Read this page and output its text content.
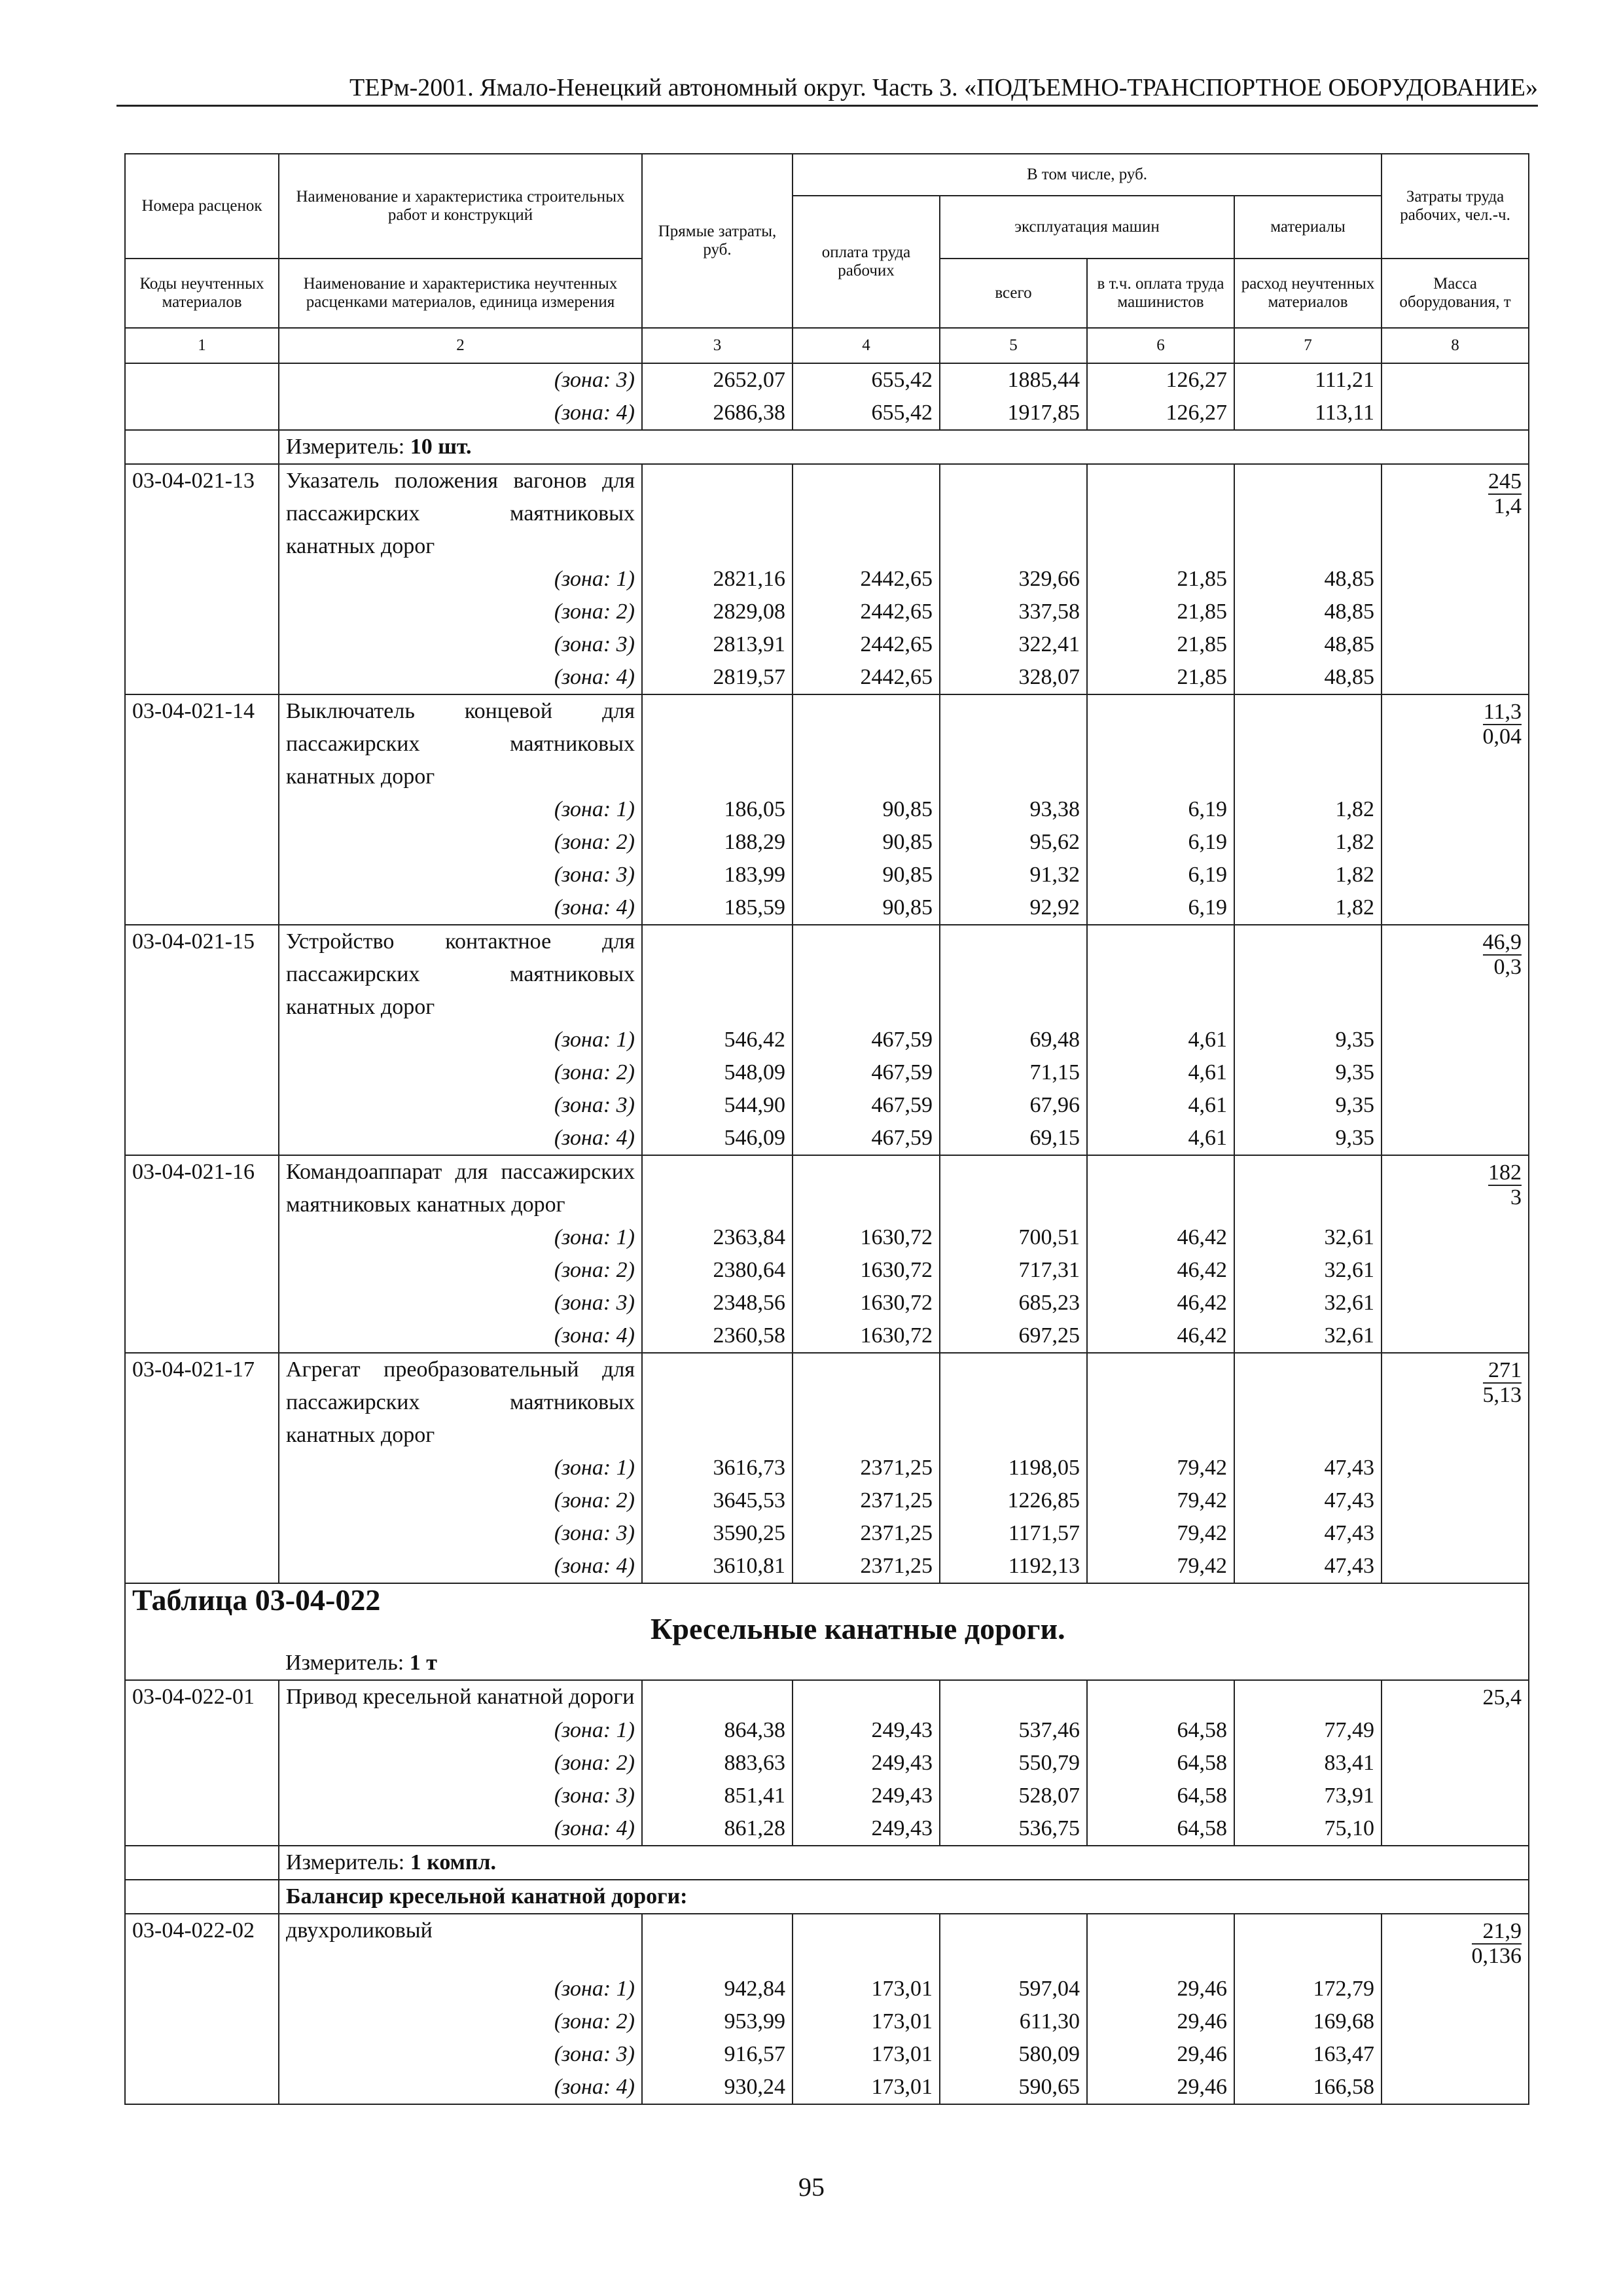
ТЕРм-2001. Ямало-Ненецкий автономный округ. Часть 3. «ПОДЪЕМНО-ТРАНСПОРТНОЕ ОБОРУДОВАНИЕ»
Номера расценок	Наименование и характеристика строительных работ и конструкций	Прямые затраты, руб.	В том числе, руб.				Затраты труда рабочих, чел.-ч.
			оплата труда рабочих	эксплуатация машин		материалы	
Коды неучтенных материалов	Наименование и характеристика неучтенных расценками материалов, единица измерения			всего	в т.ч. оплата труда машинистов	расход неучтенных материалов	Масса оборудования, т
1	2	3	4	5	6	7	8
	(зона: 3)	2652,07	655,42	1885,44	126,27	111,21	
	(зона: 4)	2686,38	655,42	1917,85	126,27	113,11	
	Измеритель: 10 шт.						
03-04-021-13	Указатель положения вагонов для пассажирских маятниковых канатных дорог						$\frac{245}{1,4}$

	(зона: 1)	2821,16	2442,65	329,66	21,85	48,85	
	(зона: 2)	2829,08	2442,65	337,58	21,85	48,85	
	(зона: 3)	2813,91	2442,65	322,41	21,85	48,85	
	(зона: 4)	2819,57	2442,65	328,07	21,85	48,85	
03-04-021-14	Выключатель концевой для пассажирских маятниковых канатных дорог						$\frac{11,3}{0,04}$

	(зона: 1)	186,05	90,85	93,38	6,19	1,82	
	(зона: 2)	188,29	90,85	95,62	6,19	1,82	
	(зона: 3)	183,99	90,85	91,32	6,19	1,82	
	(зона: 4)	185,59	90,85	92,92	6,19	1,82	
03-04-021-15	Устройство контактное для пассажирских маятниковых канатных дорог						$\frac{46,9}{0,3}$

	(зона: 1)	546,42	467,59	69,48	4,61	9,35	
	(зона: 2)	548,09	467,59	71,15	4,61	9,35	
	(зона: 3)	544,90	467,59	67,96	4,61	9,35	
	(зона: 4)	546,09	467,59	69,15	4,61	9,35	
03-04-021-16	Командоаппарат для пассажирских маятниковых канатных дорог						$\frac{182}{3}$

	(зона: 1)	2363,84	1630,72	700,51	46,42	32,61	
	(зона: 2)	2380,64	1630,72	717,31	46,42	32,61	
	(зона: 3)	2348,56	1630,72	685,23	46,42	32,61	
	(зона: 4)	2360,58	1630,72	697,25	46,42	32,61	
03-04-021-17	Агрегат преобразовательный для пассажирских маятниковых канатных дорог						$\frac{271}{5,13}$

	(зона: 1)	3616,73	2371,25	1198,05	79,42	47,43	
	(зона: 2)	3645,53	2371,25	1226,85	79,42	47,43	
	(зона: 3)	3590,25	2371,25	1171,57	79,42	47,43	
	(зона: 4)	3610,81	2371,25	1192,13	79,42	47,43	
Таблица 03-04-022
Кресельные канатные дороги.							

	Измеритель: 1 т						
03-04-022-01	Привод кресельной канатной дороги						25,4
	(зона: 1)	864,38	249,43	537,46	64,58	77,49	
	(зона: 2)	883,63	249,43	550,79	64,58	83,41	
	(зона: 3)	851,41	249,43	528,07	64,58	73,91	
	(зона: 4)	861,28	249,43	536,75	64,58	75,10	
	Измеритель: 1 компл.						
	Балансир кресельной канатной дороги:						
03-04-022-02	двухроликовый						$\frac{21,9}{0,136}$

	(зона: 1)	942,84	173,01	597,04	29,46	172,79	
	(зона: 2)	953,99	173,01	611,30	29,46	169,68	
	(зона: 3)	916,57	173,01	580,09	29,46	163,47	
	(зона: 4)	930,24	173,01	590,65	29,46	166,58	
95
